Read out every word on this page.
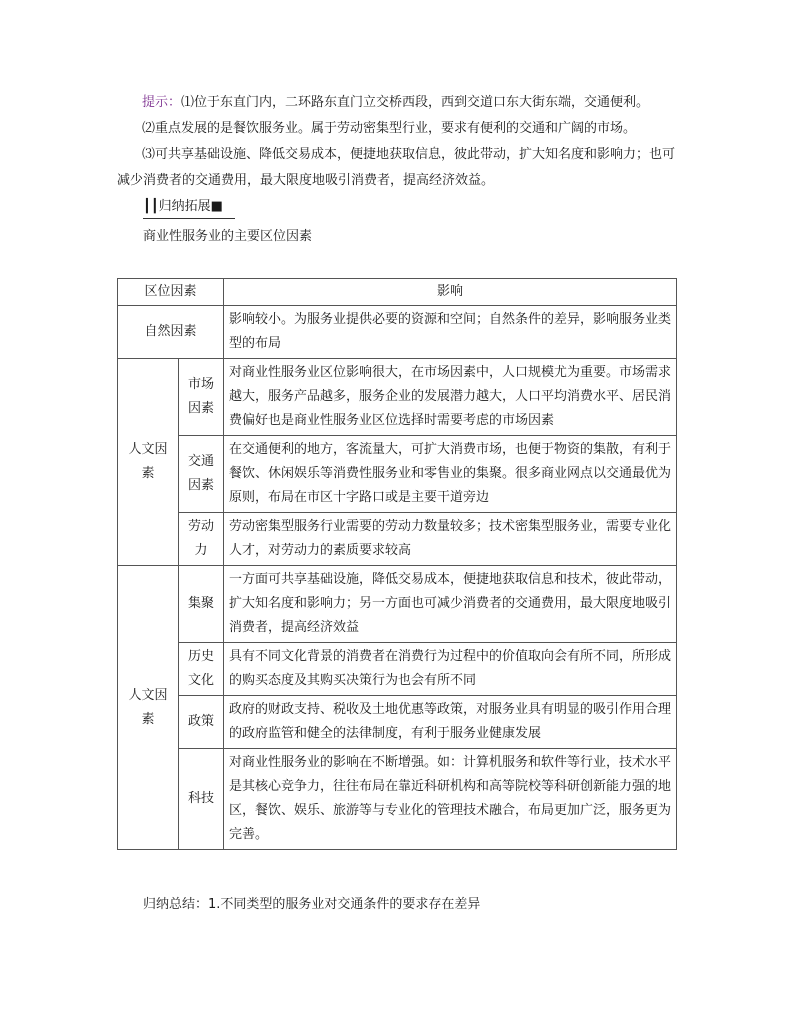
提示：⑴位于东直门内，二环路东直门立交桥西段，西到交道口东大街东端，交通便利。
⑵重点发展的是餐饮服务业。属于劳动密集型行业，要求有便利的交通和广阔的市场。
⑶可共享基础设施、降低交易成本，便捷地获取信息，彼此带动，扩大知名度和影响力；也可减少消费者的交通费用，最大限度地吸引消费者，提高经济效益。
┃┃归纳拓展■
商业性服务业的主要区位因素
区位因素		影响
自然因素		影响较小。为服务业提供必要的资源和空间；自然条件的差异，影响服务业类型的布局
人文因素	市场因素	对商业性服务业区位影响很大，在市场因素中，人口规模尤为重要。市场需求越大，服务产品越多，服务企业的发展潜力越大，人口平均消费水平、居民消费偏好也是商业性服务业区位选择时需要考虑的市场因素
	交通因素	在交通便利的地方，客流量大，可扩大消费市场，也便于物资的集散，有利于餐饮、休闲娱乐等消费性服务业和零售业的集聚。很多商业网点以交通最优为原则，布局在市区十字路口或是主要干道旁边
	劳动力	劳动密集型服务行业需要的劳动力数量较多；技术密集型服务业，需要专业化人才，对劳动力的素质要求较高
人文因素	集聚	一方面可共享基础设施，降低交易成本，便捷地获取信息和技术，彼此带动，扩大知名度和影响力；另一方面也可减少消费者的交通费用，最大限度地吸引消费者，提高经济效益
	历史文化	具有不同文化背景的消费者在消费行为过程中的价值取向会有所不同，所形成的购买态度及其购买决策行为也会有所不同
	政策	政府的财政支持、税收及土地优惠等政策，对服务业具有明显的吸引作用合理的政府监管和健全的法律制度，有利于服务业健康发展
	科技	对商业性服务业的影响在不断增强。如：计算机服务和软件等行业，技术水平是其核心竞争力，往往布局在靠近科研机构和高等院校等科研创新能力强的地区，餐饮、娱乐、旅游等与专业化的管理技术融合，布局更加广泛，服务更为完善。
归纳总结：1.不同类型的服务业对交通条件的要求存在差异
